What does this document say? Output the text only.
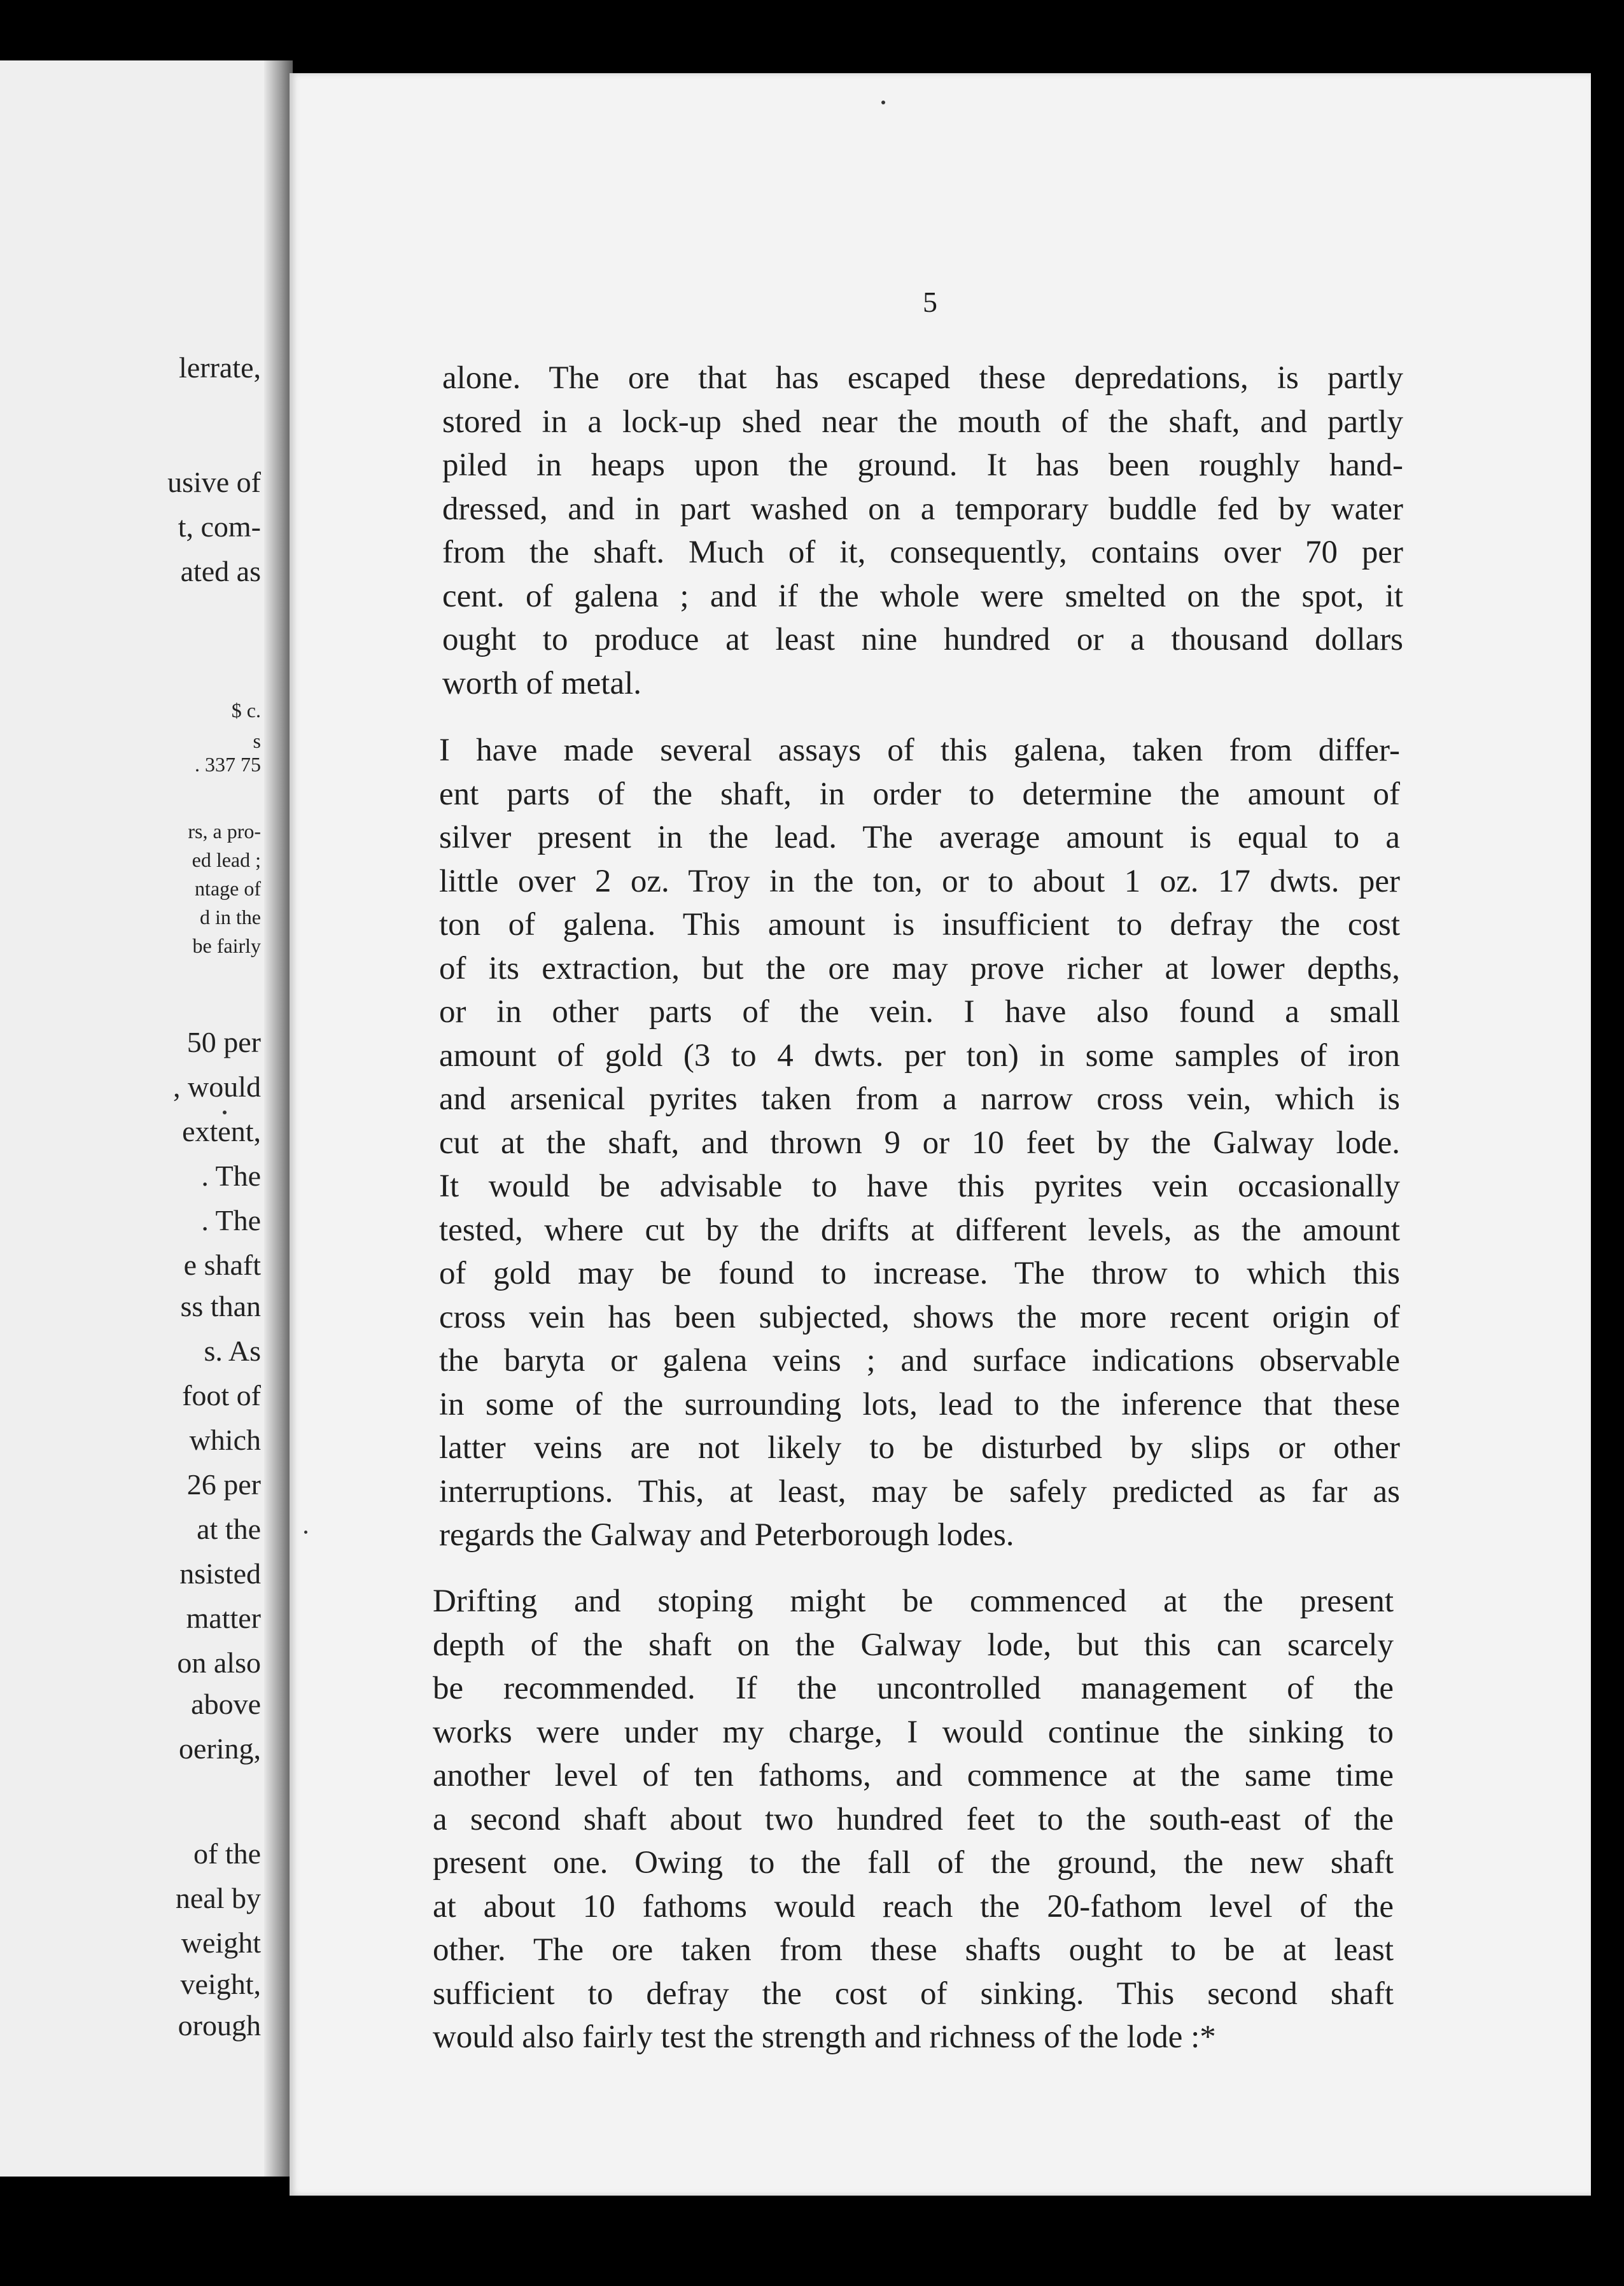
lerrate,
usive of
t, com-
ated as
$ c.
s
. 337 75
rs, a pro-
ed lead ;
ntage of
d in the
be fairly
50 per
, would
extent,
. The
. The
e shaft
ss than
s. As
foot of
which
26 per
at the
nsisted
matter
on also
above
oering,
of the
neal by
weight
veight,
orough
5
alone. The ore that has escaped these depredations, is partly
stored in a lock-up shed near the mouth of the shaft, and partly
piled in heaps upon the ground. It has been roughly hand-
dressed, and in part washed on a temporary buddle fed by water
from the shaft. Much of it, consequently, contains over 70 per
cent. of galena ; and if the whole were smelted on the spot, it
ought to produce at least nine hundred or a thousand dollars
worth of metal.
I have made several assays of this galena, taken from differ-
ent parts of the shaft, in order to determine the amount of
silver present in the lead. The average amount is equal to a
little over 2 oz. Troy in the ton, or to about 1 oz. 17 dwts. per
ton of galena. This amount is insufficient to defray the cost
of its extraction, but the ore may prove richer at lower depths,
or in other parts of the vein. I have also found a small
amount of gold (3 to 4 dwts. per ton) in some samples of iron
and arsenical pyrites taken from a narrow cross vein, which is
cut at the shaft, and thrown 9 or 10 feet by the Galway lode.
It would be advisable to have this pyrites vein occasionally
tested, where cut by the drifts at different levels, as the amount
of gold may be found to increase. The throw to which this
cross vein has been subjected, shows the more recent origin of
the baryta or galena veins ; and surface indications observable
in some of the surrounding lots, lead to the inference that these
latter veins are not likely to be disturbed by slips or other
interruptions. This, at least, may be safely predicted as far as
regards the Galway and Peterborough lodes.
Drifting and stoping might be commenced at the present
depth of the shaft on the Galway lode, but this can scarcely
be recommended. If the uncontrolled management of the
works were under my charge, I would continue the sinking to
another level of ten fathoms, and commence at the same time
a second shaft about two hundred feet to the south-east of the
present one. Owing to the fall of the ground, the new shaft
at about 10 fathoms would reach the 20-fathom level of the
other. The ore taken from these shafts ought to be at least
sufficient to defray the cost of sinking. This second shaft
would also fairly test the strength and richness of the lode :*
